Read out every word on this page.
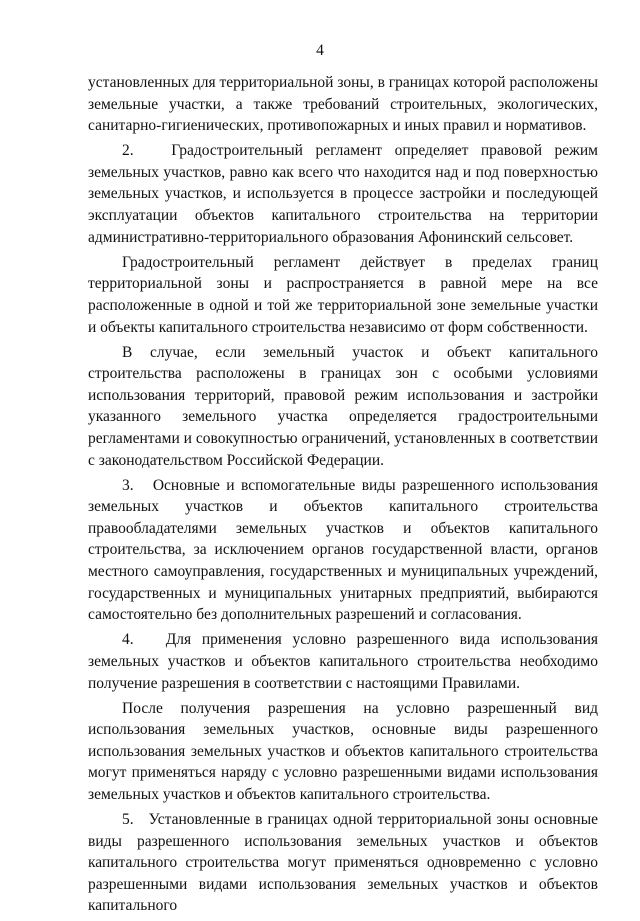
4

установленных для территориальной зоны, в границах которой расположены земельные участки, а также требований строительных, экологических, санитарно-гигиенических, противопожарных и иных правил и нормативов.

2.   Градостроительный регламент определяет правовой режим земельных участков, равно как всего что находится над и под поверхностью земельных участков, и используется в процессе застройки и последующей эксплуатации объектов капитального строительства на территории административно-территориального образования Афонинский сельсовет.

Градостроительный регламент действует в пределах границ территориальной зоны и распространяется в равной мере на все расположенные в одной и той же территориальной зоне земельные участки и объекты капитального строительства независимо от форм собственности.

В случае, если земельный участок и объект капитального строительства расположены в границах зон с особыми условиями использования территорий, правовой режим использования и застройки указанного земельного участка определяется градостроительными регламентами и совокупностью ограничений, установленных в соответствии с законодательством Российской Федерации.

3.   Основные и вспомогательные виды разрешенного использования земельных участков и объектов капитального строительства правообладателями земельных участков и объектов капитального строительства, за исключением органов государственной власти, органов местного самоуправления, государственных и муниципальных учреждений, государственных и муниципальных унитарных предприятий, выбираются самостоятельно без дополнительных разрешений и согласования.

4.   Для применения условно разрешенного вида использования земельных участков и объектов капитального строительства необходимо получение разрешения в соответствии с настоящими Правилами.

После получения разрешения на условно разрешенный вид использования земельных участков, основные виды разрешенного использования земельных участков и объектов капитального строительства могут применяться наряду с условно разрешенными видами использования земельных участков и объектов капитального строительства.

5.   Установленные в границах одной территориальной зоны основные виды разрешенного использования земельных участков и объектов капитального строительства могут применяться одновременно с условно разрешенными видами использования земельных участков и объектов капитального
